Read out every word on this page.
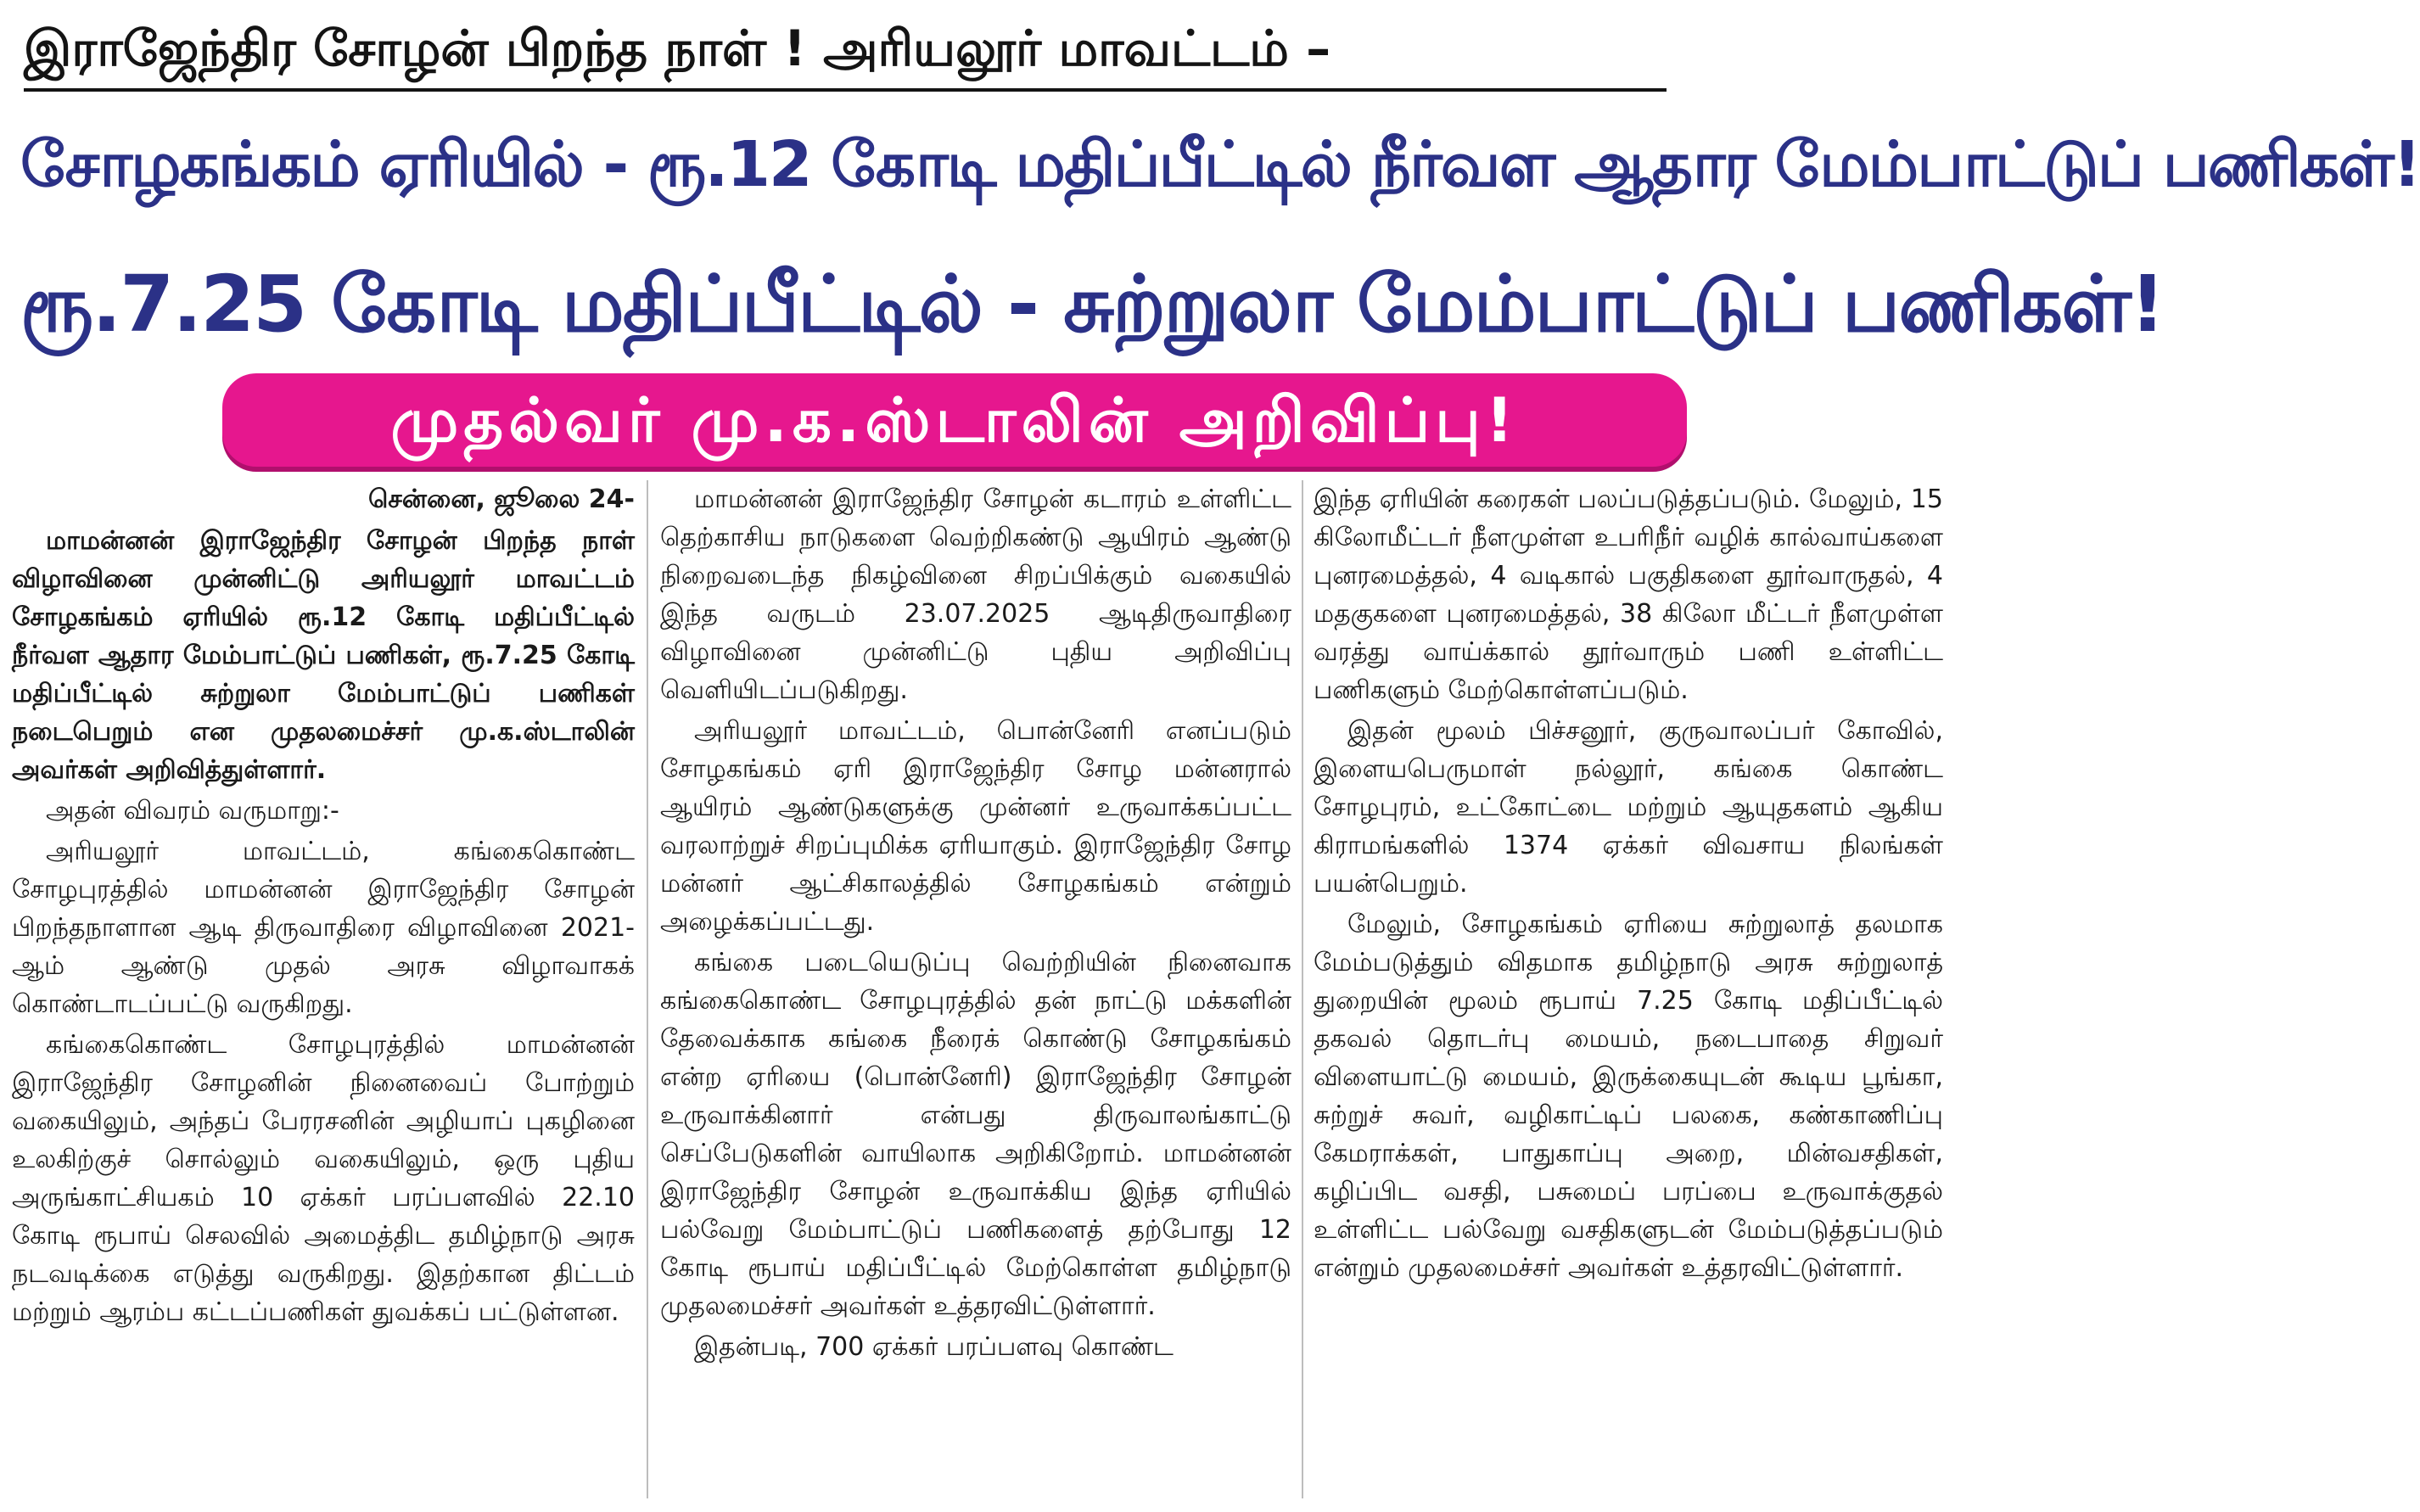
இராஜேந்திர சோழன் பிறந்த நாள் ! அரியலூர் மாவட்டம் –
சோழகங்கம் ஏரியில் - ரூ.12 கோடி மதிப்பீட்டில் நீர்வள ஆதார மேம்பாட்டுப் பணிகள்!
ரூ.7.25 கோடி மதிப்பீட்டில் - சுற்றுலா மேம்பாட்டுப் பணிகள்!
முதல்வர் மு.க.ஸ்டாலின் அறிவிப்பு!
சென்னை, ஜூலை 24-

மாமன்னன் இராஜேந்திர சோழன் பிறந்த நாள் விழாவினை முன்னிட்டு அரியலூர் மாவட்டம் சோழகங்கம் ஏரியில் ரூ.12 கோடி மதிப்பீட்டில் நீர்வள ஆதார மேம்பாட்டுப் பணிகள், ரூ.7.25 கோடி மதிப்பீட்டில் சுற்றுலா மேம்பாட்டுப் பணிகள் நடைபெறும் என முதலமைச்சர் மு.க.ஸ்டாலின் அவர்கள் அறிவித்துள்ளார்.

அதன் விவரம் வருமாறு:-

அரியலூர் மாவட்டம், கங்கைகொண்ட சோழபுரத்தில் மாமன்னன் இராஜேந்திர சோழன் பிறந்தநாளான ஆடி திருவாதிரை விழாவினை 2021- ஆம் ஆண்டு முதல் அரசு விழாவாகக் கொண்டாடப்பட்டு வருகிறது.

கங்கைகொண்ட சோழபுரத்தில் மாமன்னன் இராஜேந்திர சோழனின் நினைவைப் போற்றும் வகையிலும், அந்தப் பேரரசனின் அழியாப் புகழினை உலகிற்குச் சொல்லும் வகையிலும், ஒரு புதிய அருங்காட்சியகம் 10 ஏக்கர் பரப்பளவில் 22.10 கோடி ரூபாய் செலவில் அமைத்திட தமிழ்நாடு அரசு நடவடிக்கை எடுத்து வருகிறது. இதற்கான திட்டம் மற்றும் ஆரம்ப கட்டப்பணிகள் துவக்கப் பட்டுள்ளன.

மாமன்னன் இராஜேந்திர சோழன் கடாரம் உள்ளிட்ட தெற்காசிய நாடுகளை வெற்றிகண்டு ஆயிரம் ஆண்டு நிறைவடைந்த நிகழ்வினை சிறப்பிக்கும் வகையில் இந்த வருடம் 23.07.2025 ஆடிதிருவாதிரை விழாவினை முன்னிட்டு புதிய அறிவிப்பு வெளியிடப்படுகிறது.

அரியலூர் மாவட்டம், பொன்னேரி எனப்படும் சோழகங்கம் ஏரி இராஜேந்திர சோழ மன்னரால் ஆயிரம் ஆண்டுகளுக்கு முன்னர் உருவாக்கப்பட்ட வரலாற்றுச் சிறப்புமிக்க ஏரியாகும். இராஜேந்திர சோழ மன்னர் ஆட்சிகாலத்தில் சோழகங்கம் என்றும் அழைக்கப்பட்டது.

கங்கை படையெடுப்பு வெற்றியின் நினைவாக கங்கைகொண்ட சோழபுரத்தில் தன் நாட்டு மக்களின் தேவைக்காக கங்கை நீரைக் கொண்டு சோழகங்கம் என்ற ஏரியை (பொன்னேரி) இராஜேந்திர சோழன் உருவாக்கினார் என்பது திருவாலங்காட்டு செப்பேடுகளின் வாயிலாக அறிகிறோம். மாமன்னன் இராஜேந்திர சோழன் உருவாக்கிய இந்த ஏரியில் பல்வேறு மேம்பாட்டுப் பணிகளைத் தற்போது 12 கோடி ரூபாய் மதிப்பீட்டில் மேற்கொள்ள தமிழ்நாடு முதலமைச்சர் அவர்கள் உத்தரவிட்டுள்ளார்.

இதன்படி, 700 ஏக்கர் பரப்பளவு கொண்ட

இந்த ஏரியின் கரைகள் பலப்படுத்தப்படும். மேலும், 15 கிலோமீட்டர் நீளமுள்ள உபரிநீர் வழிக் கால்வாய்களை புனரமைத்தல், 4 வடிகால் பகுதிகளை தூர்வாருதல், 4 மதகுகளை புனரமைத்தல், 38 கிலோ மீட்டர் நீளமுள்ள வரத்து வாய்க்கால் தூர்வாரும் பணி உள்ளிட்ட பணிகளும் மேற்கொள்ளப்படும்.

இதன் மூலம் பிச்சனூர், குருவாலப்பர் கோவில், இளையபெருமாள் நல்லூர், கங்கை கொண்ட சோழபுரம், உட்கோட்டை மற்றும் ஆயுதகளம் ஆகிய கிராமங்களில் 1374 ஏக்கர் விவசாய நிலங்கள் பயன்பெறும்.

மேலும், சோழகங்கம் ஏரியை சுற்றுலாத் தலமாக மேம்படுத்தும் விதமாக தமிழ்நாடு அரசு சுற்றுலாத் துறையின் மூலம் ரூபாய் 7.25 கோடி மதிப்பீட்டில் தகவல் தொடர்பு மையம், நடைபாதை சிறுவர் விளையாட்டு மையம், இருக்கையுடன் கூடிய பூங்கா, சுற்றுச் சுவர், வழிகாட்டிப் பலகை, கண்காணிப்பு கேமராக்கள், பாதுகாப்பு அறை, மின்வசதிகள், கழிப்பிட வசதி, பசுமைப் பரப்பை உருவாக்குதல் உள்ளிட்ட பல்வேறு வசதிகளுடன் மேம்படுத்தப்படும் என்றும் முதலமைச்சர் அவர்கள் உத்தரவிட்டுள்ளார்.
